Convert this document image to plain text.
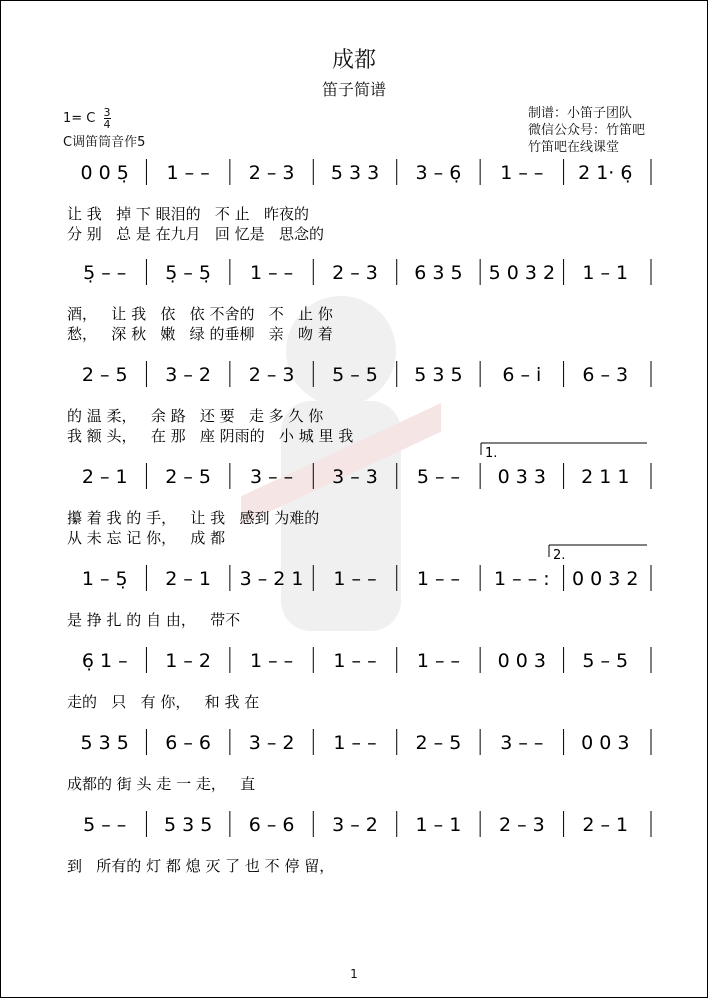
成都
笛子简谱
1= C $\frac{3}{4}$
C调笛筒音作5
制谱：小笛子团队
微信公众号：竹笛吧
竹笛吧在线课堂
0 0 5̣ 1 – – 2 – 3 5 3 3 3 – 6̣ 1 – – 2 1· 6̣
让 我   掉 下 眼泪的   不 止   昨夜的
分 别   总 是 在九月   回 忆是   思念的
5̣ – – 5̣ – 5̣ 1 – – 2 – 3 6 3 5 5 0 3 2 1 – 1
酒，   让 我   依   依 不舍的   不   止 你
愁，   深 秋   嫩   绿 的垂柳   亲   吻 着
2 – 5 3 – 2 2 – 3 5 – 5 5 3 5 6 – i 6 – 3
的 温 柔，   余 路   还 要   走 多 久 你
我 额 头，   在 那   座 阴雨的   小 城 里 我
2 – 1 2 – 5 3 – – 3 – 3 5 – – 0 3 3 2 1 1
攥 着 我 的 手，   让 我   感到 为难的
从 未 忘 记 你，   成 都
1.
1 – 5̣ 2 – 1 3 – 2 1 1 – – 1 – – 1 – – : 0 0 3 2
是 挣 扎 的 自 由，   带不
2.
6̣ 1 – 1 – 2 1 – – 1 – – 1 – – 0 0 3 5 – 5
走的   只   有 你，   和 我 在
5 3 5 6 – 6 3 – 2 1 – – 2 – 5 3 – – 0 0 3
成都的 街 头 走 一 走，   直
5 – – 5 3 5 6 – 6 3 – 2 1 – 1 2 – 3 2 – 1
到   所有的 灯 都 熄 灭 了 也 不 停 留，
1
